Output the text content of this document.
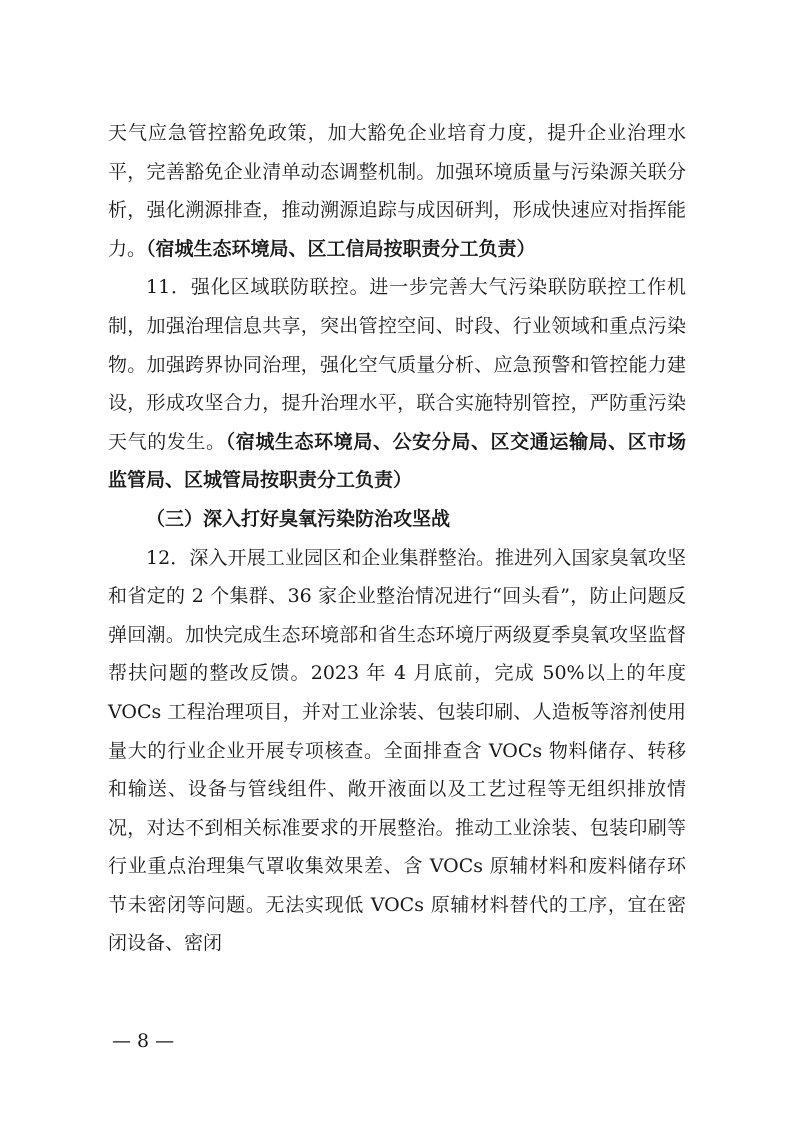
天气应急管控豁免政策，加大豁免企业培育力度，提升企业治理水平，完善豁免企业清单动态调整机制。加强环境质量与污染源关联分析，强化溯源排查，推动溯源追踪与成因研判，形成快速应对指挥能力。（宿城生态环境局、区工信局按职责分工负责）

11．强化区域联防联控。进一步完善大气污染联防联控工作机制，加强治理信息共享，突出管控空间、时段、行业领域和重点污染物。加强跨界协同治理，强化空气质量分析、应急预警和管控能力建设，形成攻坚合力，提升治理水平，联合实施特别管控，严防重污染天气的发生。（宿城生态环境局、公安分局、区交通运输局、区市场监管局、区城管局按职责分工负责）

（三）深入打好臭氧污染防治攻坚战

12．深入开展工业园区和企业集群整治。推进列入国家臭氧攻坚和省定的 2 个集群、36 家企业整治情况进行“回头看”，防止问题反弹回潮。加快完成生态环境部和省生态环境厅两级夏季臭氧攻坚监督帮扶问题的整改反馈。2023 年 4 月底前，完成 50%以上的年度 VOCs 工程治理项目，并对工业涂装、包装印刷、人造板等溶剂使用量大的行业企业开展专项核查。全面排查含 VOCs 物料储存、转移和输送、设备与管线组件、敞开液面以及工艺过程等无组织排放情况，对达不到相关标准要求的开展整治。推动工业涂装、包装印刷等行业重点治理集气罩收集效果差、含 VOCs 原辅材料和废料储存环节未密闭等问题。无法实现低 VOCs 原辅材料替代的工序，宜在密闭设备、密闭

— 8 —
